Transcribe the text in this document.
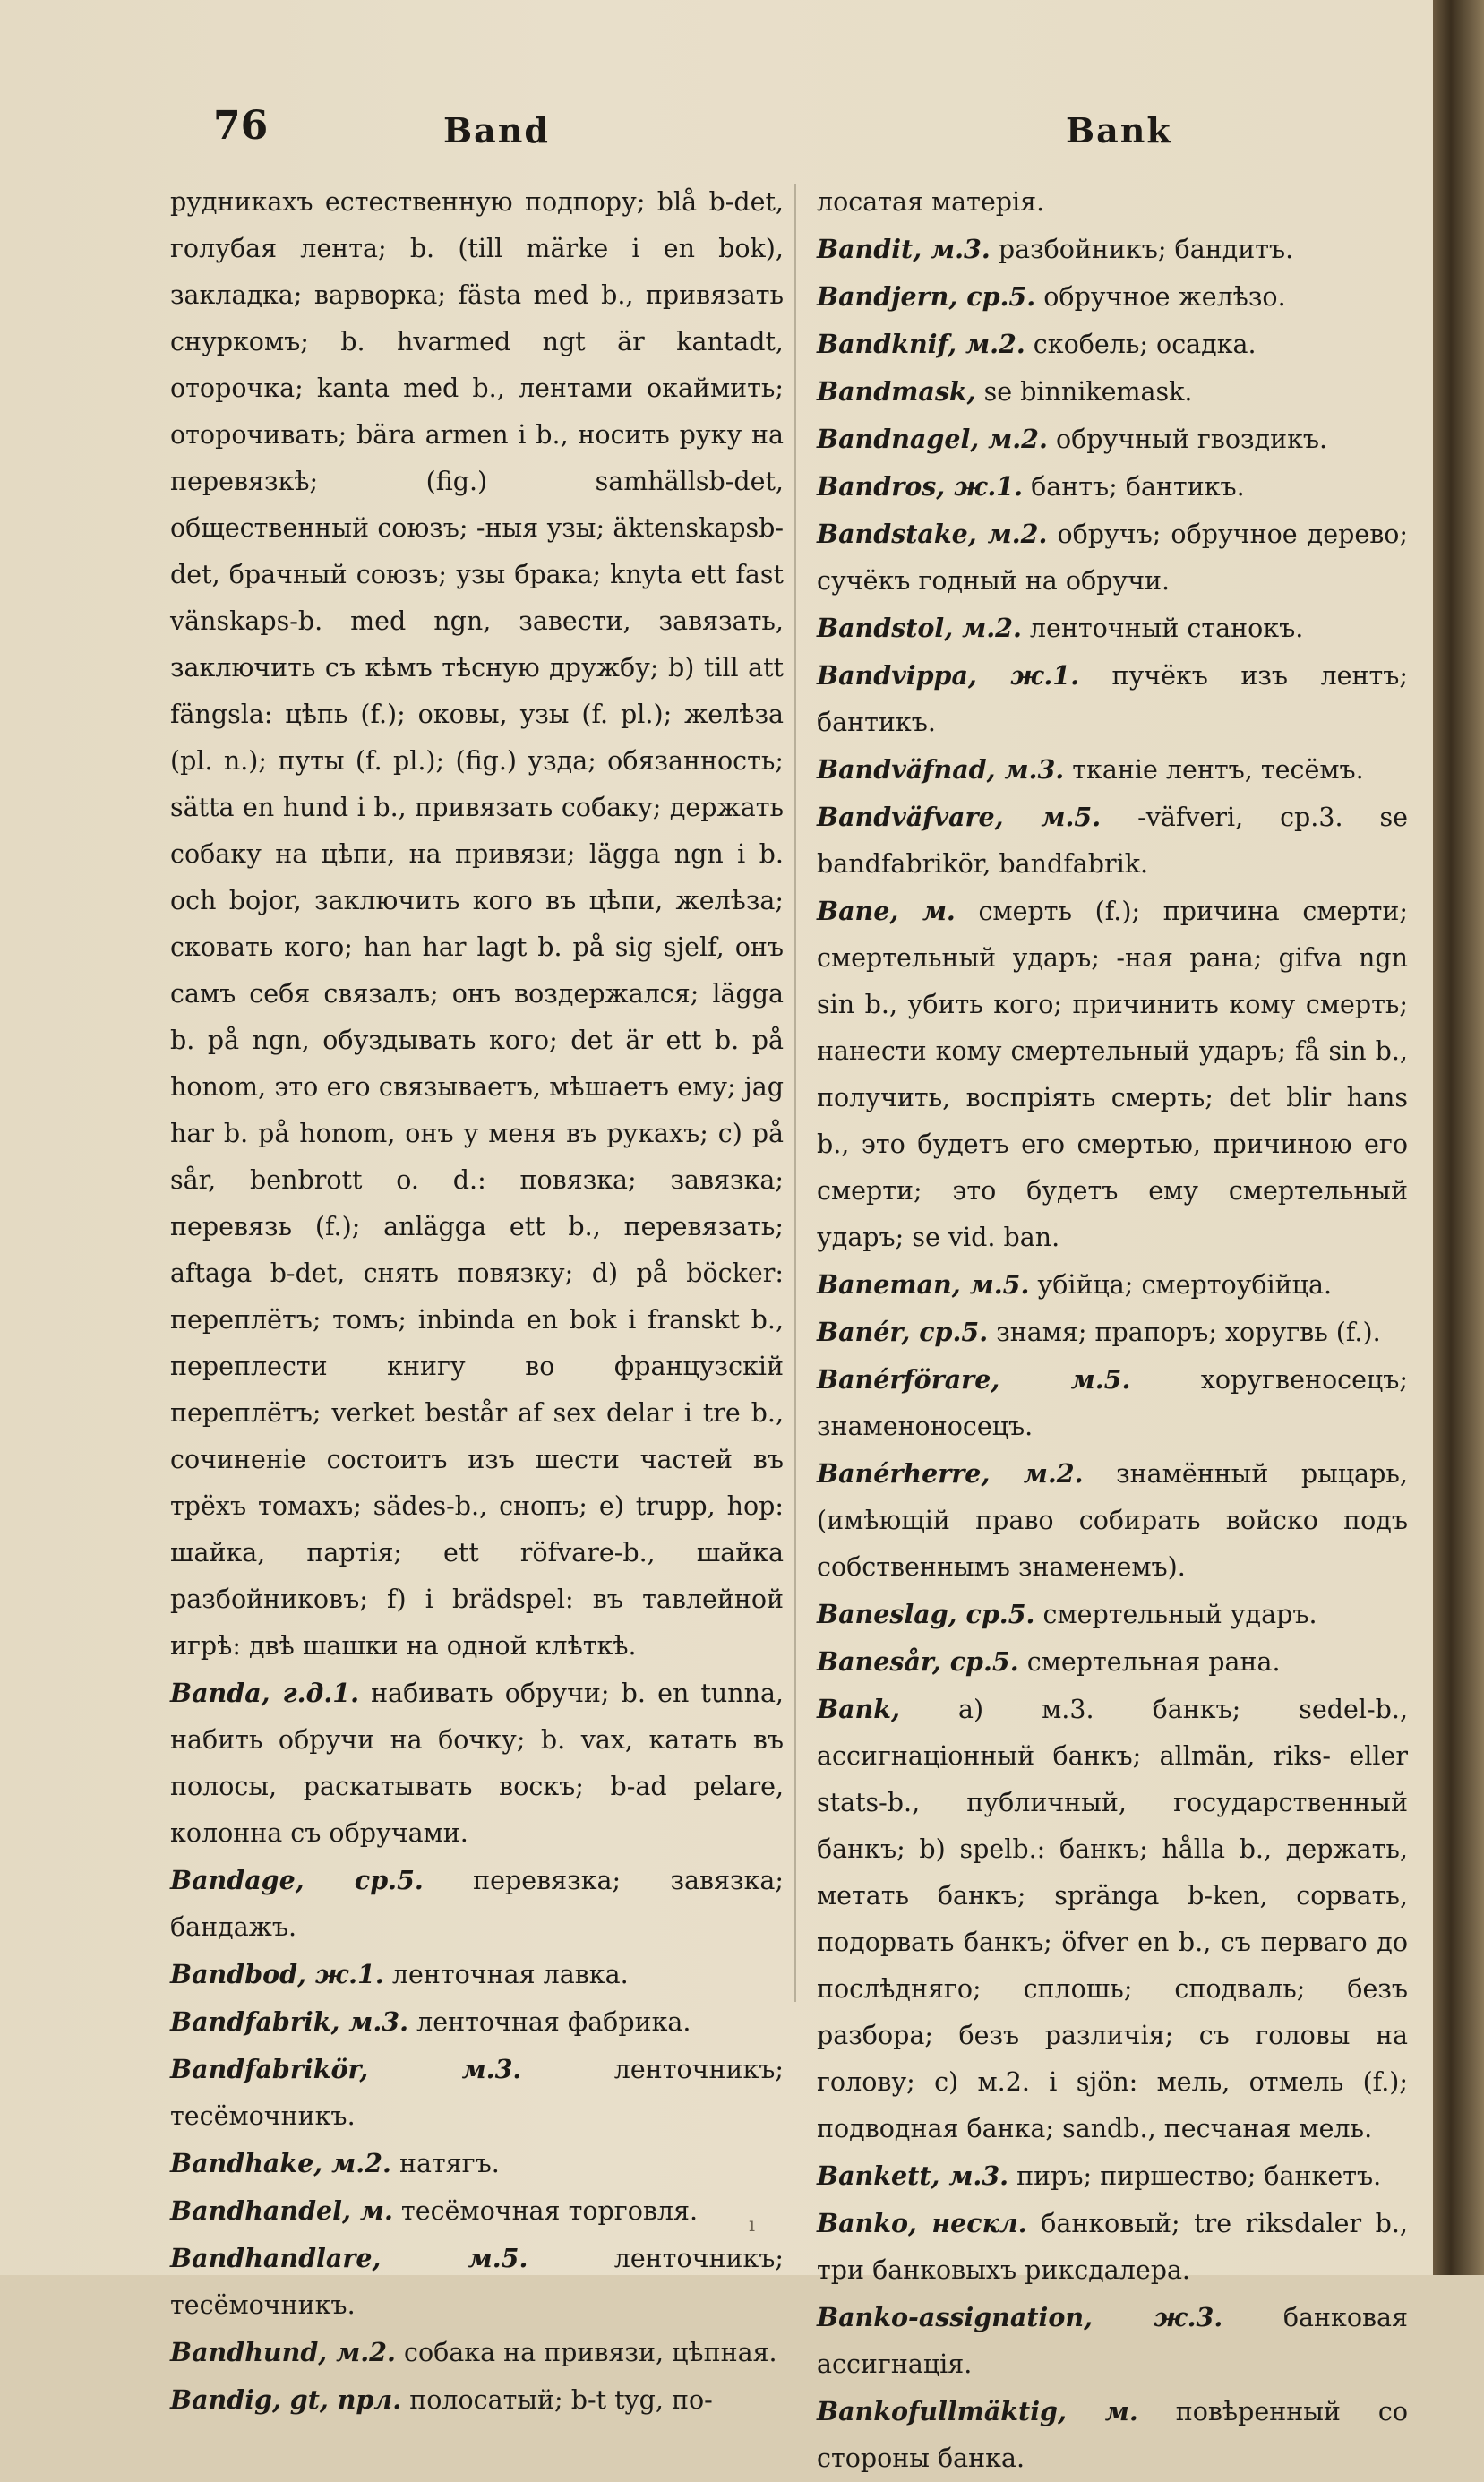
76	Band	Bank

рудникахъ естественную подпору; blå b-det, голубая лента; b. (till märke i en bok), закладка; варворка; fästa med b., привязать снуркомъ; b. hvarmed ngt är kantadt, оторочка; kanta med b., лентами окаймить; оторочивать; bära armen i b., носить руку на перевязкѣ; (fig.) samhällsb-det, общественный союзъ; -ныя узы; äktenskapsb-det, брачный союзъ; узы брака; knyta ett fast vänskaps-b. med ngn, завести, завязать, заключить съ кѣмъ тѣсную дружбу; b) till att fängsla: цѣпь (f.); оковы, узы (f. pl.); желѣза (pl. n.); путы (f. pl.); (fig.) узда; обязанность; sätta en hund i b., привязать собаку; держать собаку на цѣпи, на привязи; lägga ngn i b. och bojor, заключить кого въ цѣпи, желѣза; сковать кого; han har lagt b. på sig sjelf, онъ самъ себя связалъ; онъ воздержался; lägga b. på ngn, обуздывать кого; det är ett b. på honom, это его связываетъ, мѣшаетъ ему; jag har b. på honom, онъ у меня въ рукахъ; c) på sår, benbrott o. d.: повязка; завязка; перевязь (f.); anlägga ett b., перевязать; aftaga b-det, снять повязку; d) på böcker: переплётъ; томъ; inbinda en bok i franskt b., переплести книгу во французскій переплётъ; verket består af sex delar i tre b., сочиненіе состоитъ изъ шести частей въ трёхъ томахъ; sädes-b., снопъ; e) trupp, hop: шайка, партія; ett röfvare-b., шайка разбойниковъ; f) i brädspel: въ тавлейной игрѣ: двѣ шашки на одной клѣткѣ.

Banda, г.д.1. набивать обручи; b. en tunna, набить обручи на бочку; b. vax, катать въ полосы, раскатывать воскъ; b-ad pelare, колонна съ обручами.

Bandage, ср.5. перевязка; завязка; бандажъ.

Bandbod, ж.1. ленточная лавка.

Bandfabrik, м.3. ленточная фабрика.

Bandfabrikör, м.3. ленточникъ; тесёмочникъ.

Bandhake, м.2. натягъ.

Bandhandel, м. тесёмочная торговля.

Bandhandlare, м.5. ленточникъ; тесёмочникъ.

Bandhund, м.2. собака на привязи, цѣпная.

Bandig, gt, прл. полосатый; b-t tyg, по-

лосатая матерія.

Bandit, м.3. разбойникъ; бандитъ.

Bandjern, ср.5. обручное желѣзо.

Bandknif, м.2. скобель; осадка.

Bandmask, se binnikemask.

Bandnagel, м.2. обручный гвоздикъ.

Bandros, ж.1. бантъ; бантикъ.

Bandstake, м.2. обручъ; обручное дерево; сучёкъ годный на обручи.

Bandstol, м.2. ленточный станокъ.

Bandvippa, ж.1. пучёкъ изъ лентъ; бантикъ.

Bandväfnad, м.3. тканіе лентъ, тесёмъ.

Bandväfvare, м.5. -väfveri, ср.3. se bandfabrikör, bandfabrik.

Bane, м. смерть (f.); причина смерти; смертельный ударъ; -ная рана; gifva ngn sin b., убить кого; причинить кому смерть; нанести кому смертельный ударъ; få sin b., получить, воспріять смерть; det blir hans b., это будетъ его смертью, причиною его смерти; это будетъ ему смертельный ударъ; se vid. ban.

Baneman, м.5. убійца; смертоубійца.

Banér, ср.5. знамя; прапоръ; хоругвь (f.).

Banérförare, м.5. хоругвеносецъ; знаменоносецъ.

Banérherre, м.2. знамённый рыцарь, (имѣющій право собирать войско подъ собственнымъ знаменемъ).

Baneslag, ср.5. смертельный ударъ.

Banesår, ср.5. смертельная рана.

Bank, a) м.3. банкъ; sedel-b., ассигнаціонный банкъ; allmän, riks- eller stats-b., публичный, государственный банкъ; b) spelb.: банкъ; hålla b., держать, метать банкъ; spränga b-ken, сорвать, подорвать банкъ; öfver en b., съ перваго до послѣдняго; сплошь; сподваль; безъ разбора; безъ различія; съ головы на голову; c) м.2. i sjön: мель, отмель (f.); подводная банка; sandb., песчаная мель.

Bankett, м.3. пиръ; пиршество; банкетъ.

Banko, нескл. банковый; tre riksdaler b., три банковыхъ риксдалера.

Banko-assignation, ж.3. банковая ассигнація.

Bankofullmäktig, м. повѣренный со стороны банка.

ı
